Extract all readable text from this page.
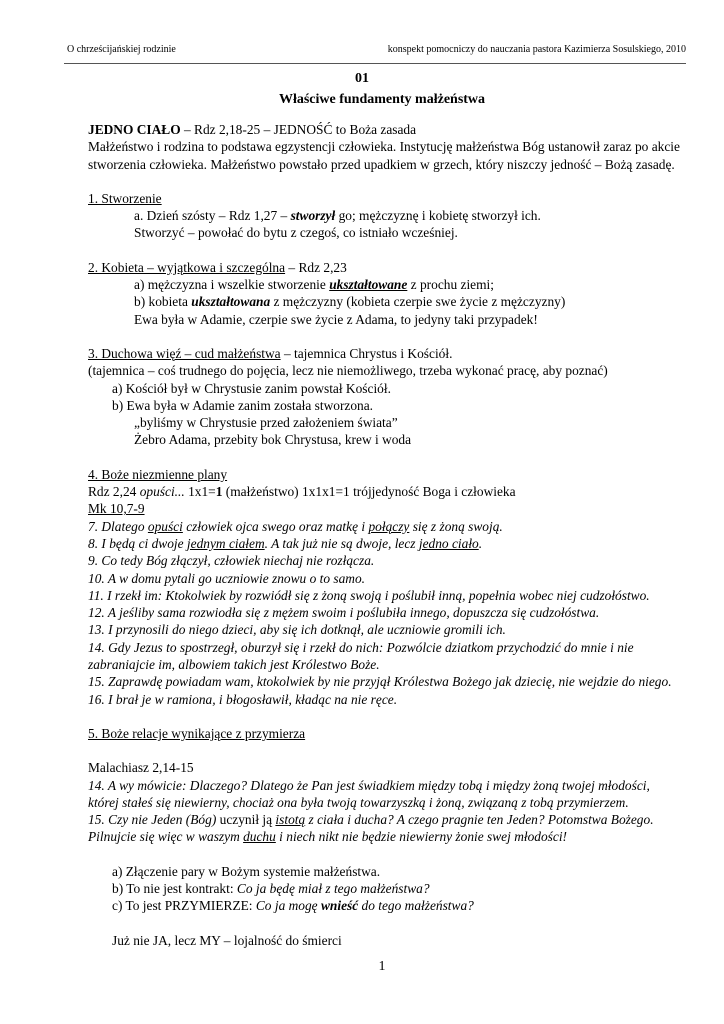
O chrześcijańskiej rodzinie	konspekt pomocniczy do nauczania pastora Kazimierza Sosulskiego, 2010
01
Właściwe fundamenty małżeństwa

JEDNO CIAŁO – Rdz 2,18-25 – JEDNOŚĆ to Boża zasada

Małżeństwo i rodzina to podstawa egzystencji człowieka. Instytucję małżeństwa Bóg ustanowił zaraz po akcie stworzenia człowieka. Małżeństwo powstało przed upadkiem w grzech, który niszczy jedność – Bożą zasadę.

1. Stworzenie

a. Dzień szósty – Rdz 1,27 – stworzył go; mężczyznę i kobietę stworzył ich.

Stworzyć – powołać do bytu z czegoś, co istniało wcześniej.

2. Kobieta – wyjątkowa i szczególna – Rdz 2,23

a) mężczyzna i wszelkie stworzenie ukształtowane z prochu ziemi;

b) kobieta ukształtowana z mężczyzny (kobieta czerpie swe życie z mężczyzny)

Ewa była w Adamie, czerpie swe życie z Adama, to jedyny taki przypadek!

3. Duchowa więź – cud małżeństwa – tajemnica Chrystus i Kościół.

(tajemnica – coś trudnego do pojęcia, lecz nie niemożliwego, trzeba wykonać pracę, aby poznać)

a) Kościół był w Chrystusie zanim powstał Kościół.

b) Ewa była w Adamie zanim została stworzona.

„byliśmy w Chrystusie przed założeniem świata”

Żebro Adama, przebity bok Chrystusa, krew i woda

4. Boże niezmienne plany

Rdz 2,24 opuści... 1x1=1 (małżeństwo) 1x1x1=1 trójjedyność Boga i człowieka

Mk 10,7-9

7. Dlatego opuści człowiek ojca swego oraz matkę i połączy się z żoną swoją.

8. I będą ci dwoje jednym ciałem. A tak już nie są dwoje, lecz jedno ciało.

9. Co tedy Bóg złączył, człowiek niechaj nie rozłącza.

10. A w domu pytali go uczniowie znowu o to samo.

11. I rzekł im: Ktokolwiek by rozwiódł się z żoną swoją i poślubił inną, popełnia wobec niej cudzołóstwo.

12. A jeśliby sama rozwiodła się z mężem swoim i poślubiła innego, dopuszcza się cudzołóstwa.

13. I przynosili do niego dzieci, aby się ich dotknął, ale uczniowie gromili ich.

14. Gdy Jezus to spostrzegł, oburzył się i rzekł do nich: Pozwólcie dziatkom przychodzić do mnie i nie

zabraniajcie im, albowiem takich jest Królestwo Boże.

15. Zaprawdę powiadam wam, ktokolwiek by nie przyjął Królestwa Bożego jak dziecię, nie wejdzie do niego.

16. I brał je w ramiona, i błogosławił, kładąc na nie ręce.

5. Boże relacje wynikające z przymierza

Malachiasz 2,14-15

14. A wy mówicie: Dlaczego? Dlatego że Pan jest świadkiem między tobą i między żoną twojej młodości,

której stałeś się niewierny, chociaż ona była twoją towarzyszką i żoną, związaną z tobą przymierzem.

15. Czy nie Jeden (Bóg) uczynił ją istotą z ciała i ducha? A czego pragnie ten Jeden? Potomstwa Bożego.

Pilnujcie się więc w waszym duchu i niech nikt nie będzie niewierny żonie swej młodości!

a) Złączenie pary w Bożym systemie małżeństwa.

b) To nie jest kontrakt: Co ja będę miał z tego małżeństwa?

c) To jest PRZYMIERZE: Co ja mogę wnieść do tego małżeństwa?

Już nie JA, lecz MY – lojalność do śmierci

1
